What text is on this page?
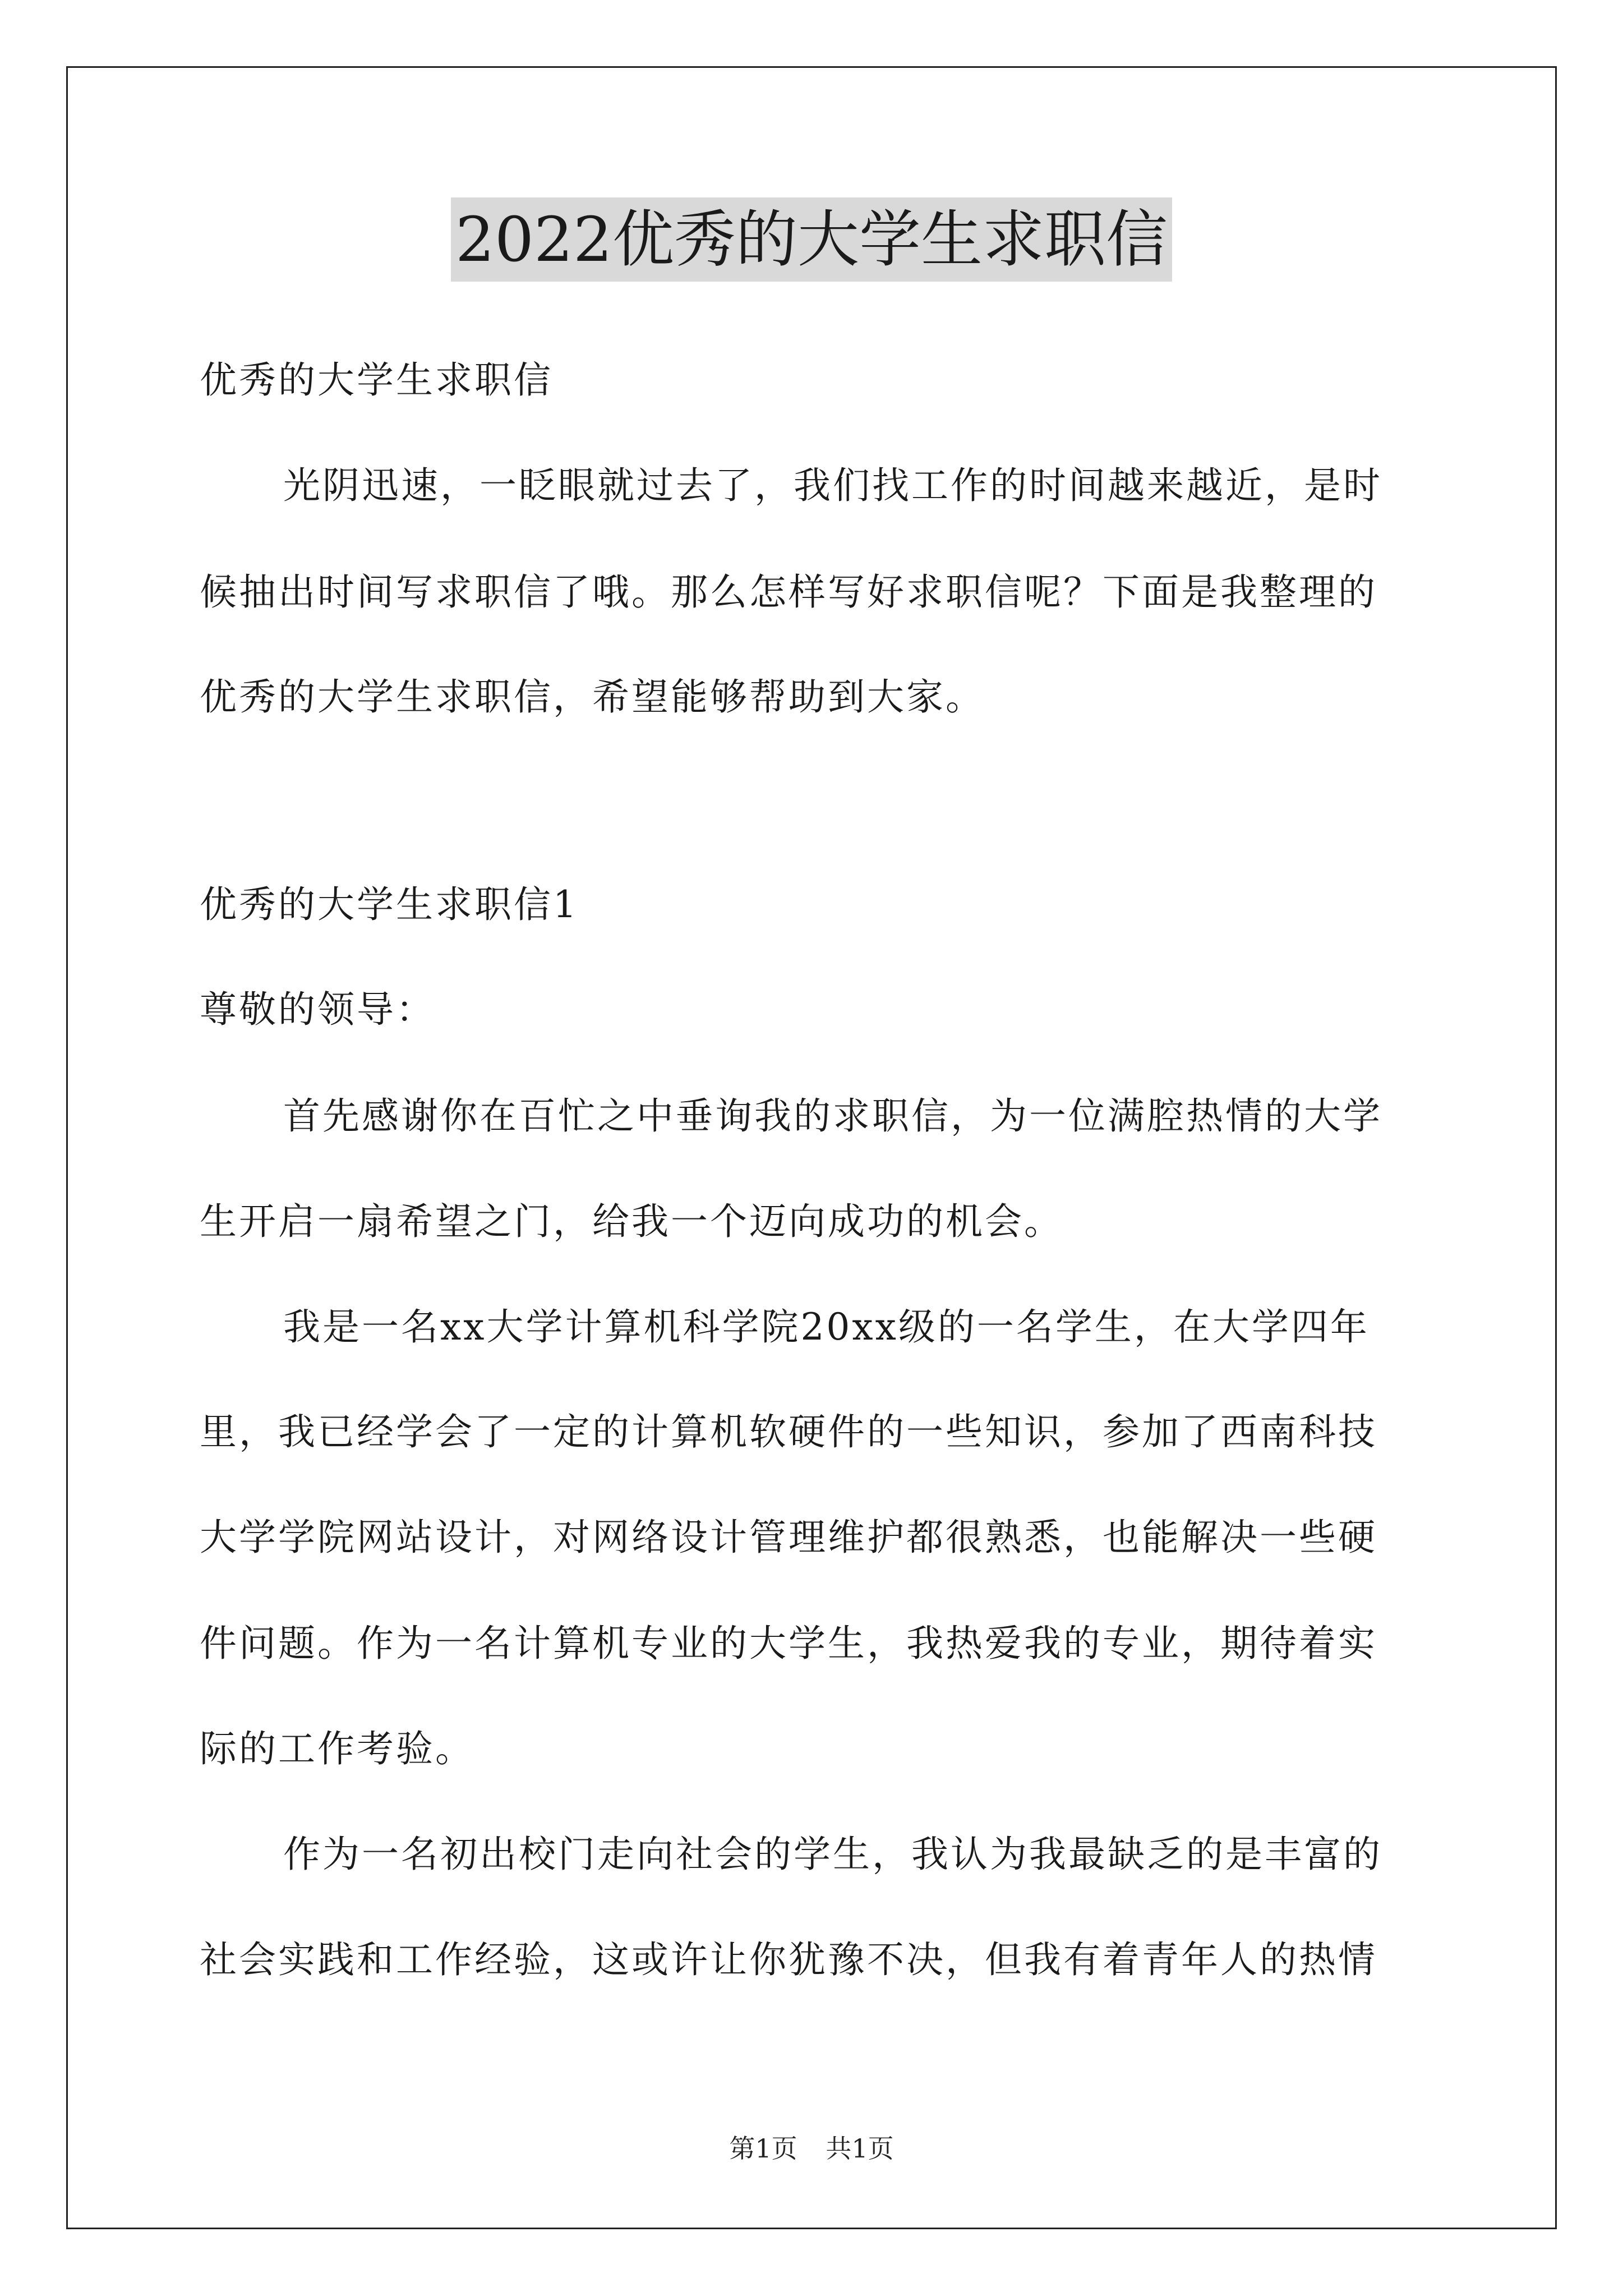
2022优秀的大学生求职信
优秀的大学生求职信
光阴迅速，一眨眼就过去了，我们找工作的时间越来越近，是时
候抽出时间写求职信了哦。那么怎样写好求职信呢？下面是我整理的
优秀的大学生求职信，希望能够帮助到大家。
优秀的大学生求职信1
尊敬的领导：
首先感谢你在百忙之中垂询我的求职信，为一位满腔热情的大学
生开启一扇希望之门，给我一个迈向成功的机会。
我是一名xx大学计算机科学院20xx级的一名学生，在大学四年
里，我已经学会了一定的计算机软硬件的一些知识，参加了西南科技
大学学院网站设计，对网络设计管理维护都很熟悉，也能解决一些硬
件问题。作为一名计算机专业的大学生，我热爱我的专业，期待着实
际的工作考验。
作为一名初出校门走向社会的学生，我认为我最缺乏的是丰富的
社会实践和工作经验，这或许让你犹豫不决，但我有着青年人的热情
第1页 共1页
